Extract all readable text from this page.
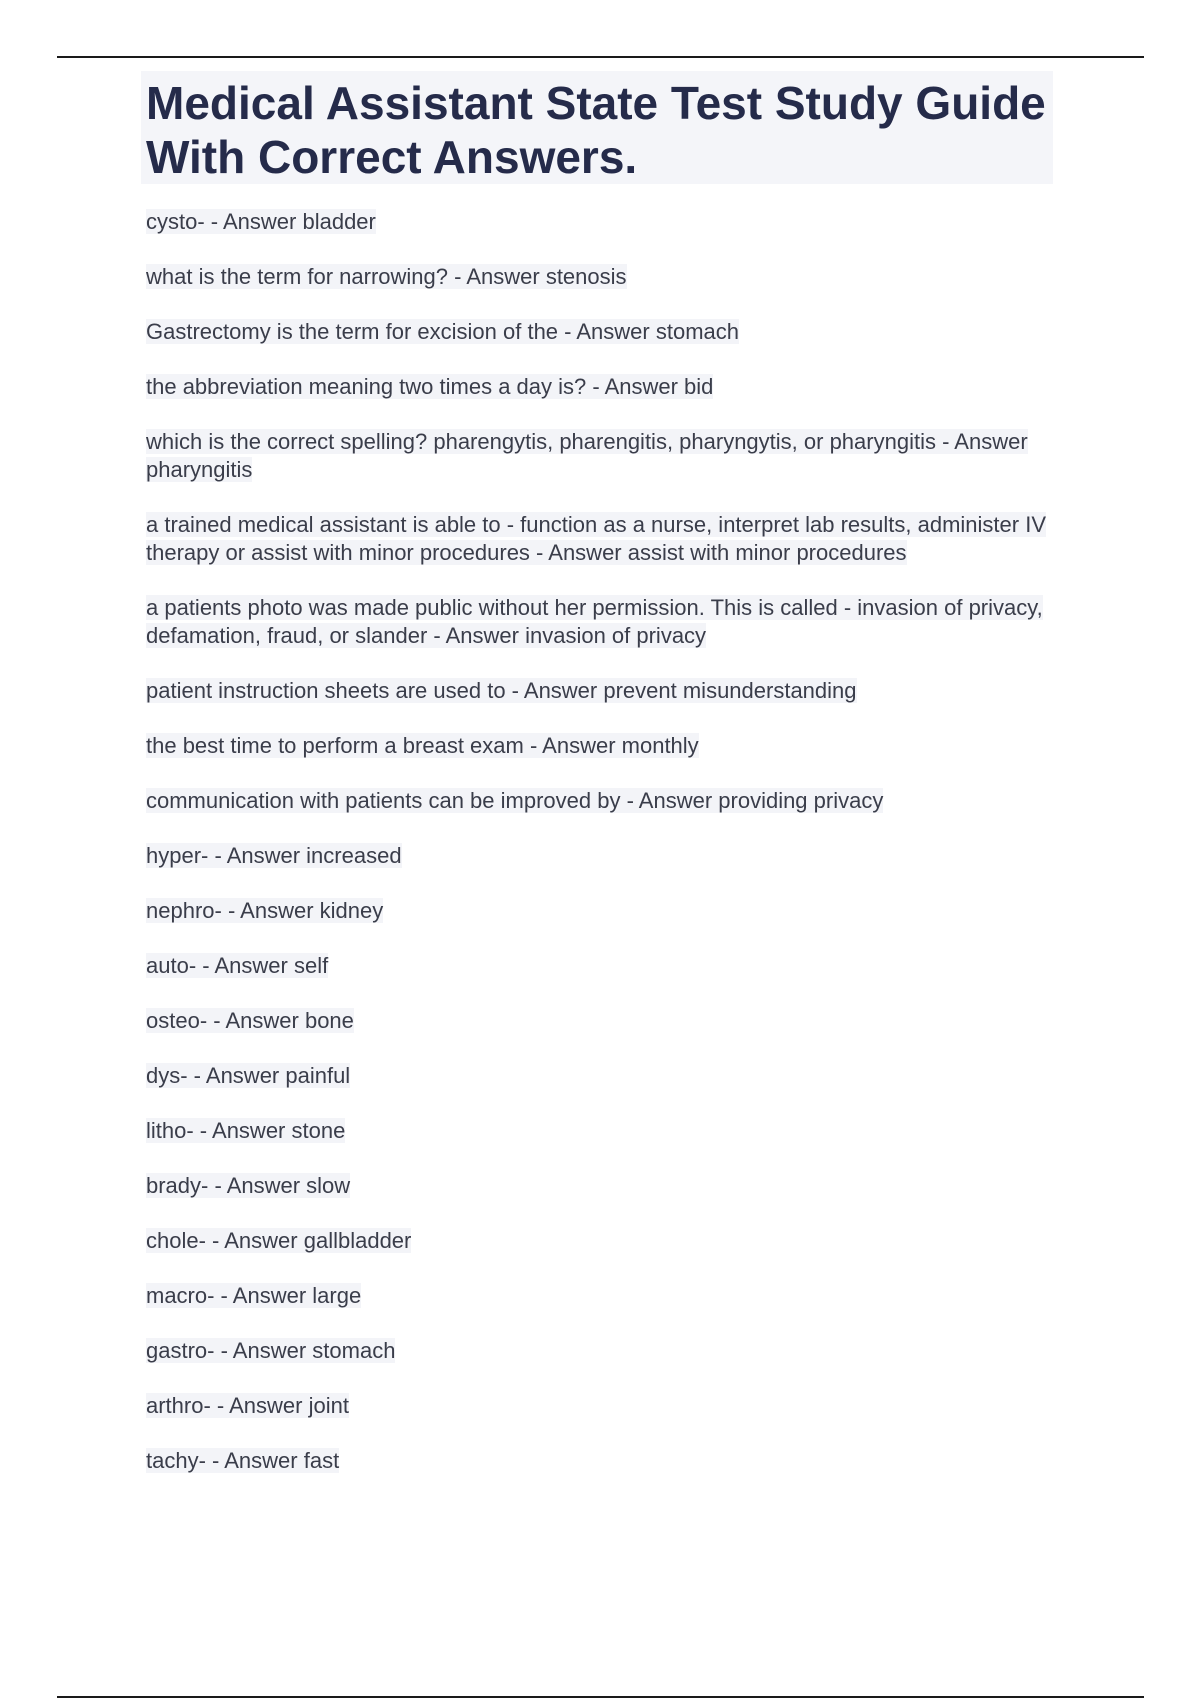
Medical Assistant State Test Study Guide With Correct Answers.
cysto- - Answer bladder
what is the term for narrowing? - Answer stenosis
Gastrectomy is the term for excision of the - Answer stomach
the abbreviation meaning two times a day is? - Answer bid
which is the correct spelling? pharengytis, pharengitis, pharyngytis, or pharyngitis - Answer pharyngitis
a trained medical assistant is able to - function as a nurse, interpret lab results, administer IV therapy or assist with minor procedures - Answer assist with minor procedures
a patients photo was made public without her permission. This is called - invasion of privacy, defamation, fraud, or slander - Answer invasion of privacy
patient instruction sheets are used to - Answer prevent misunderstanding
the best time to perform a breast exam - Answer monthly
communication with patients can be improved by - Answer providing privacy
hyper- - Answer increased
nephro- - Answer kidney
auto- - Answer self
osteo- - Answer bone
dys- - Answer painful
litho- - Answer stone
brady- - Answer slow
chole- - Answer gallbladder
macro- - Answer large
gastro- - Answer stomach
arthro- - Answer joint
tachy- - Answer fast
